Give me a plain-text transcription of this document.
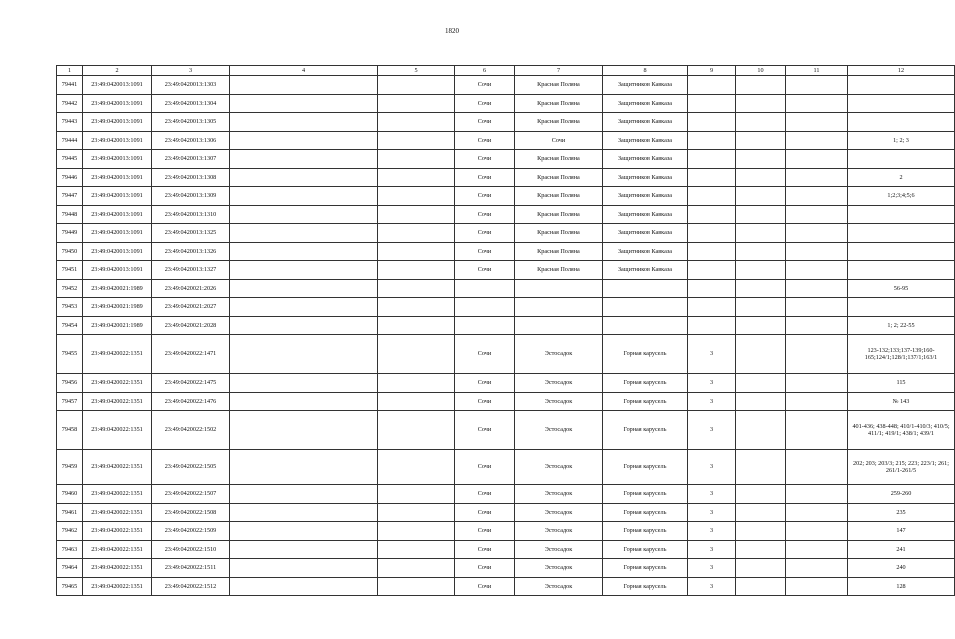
1820
1	2	3	4	5	6	7	8	9	10	11	12
79441	23:49:0420013:1091	23:49:0420013:1303			Сочи	Красная Поляна	Защитников Кавказа				
79442	23:49:0420013:1091	23:49:0420013:1304			Сочи	Красная Поляна	Защитников Кавказа				
79443	23:49:0420013:1091	23:49:0420013:1305			Сочи	Красная Поляна	Защитников Кавказа				
79444	23:49:0420013:1091	23:49:0420013:1306			Сочи	Сочи	Защитников Кавказа				1; 2; 3
79445	23:49:0420013:1091	23:49:0420013:1307			Сочи	Красная Поляна	Защитников Кавказа				
79446	23:49:0420013:1091	23:49:0420013:1308			Сочи	Красная Поляна	Защитников Кавказа				2
79447	23:49:0420013:1091	23:49:0420013:1309			Сочи	Красная Поляна	Защитников Кавказа				1;2;3;4;5;6
79448	23:49:0420013:1091	23:49:0420013:1310			Сочи	Красная Поляна	Защитников Кавказа				
79449	23:49:0420013:1091	23:49:0420013:1325			Сочи	Красная Поляна	Защитников Кавказа				
79450	23:49:0420013:1091	23:49:0420013:1326			Сочи	Красная Поляна	Защитников Кавказа				
79451	23:49:0420013:1091	23:49:0420013:1327			Сочи	Красная Поляна	Защитников Кавказа				
79452	23:49:0420021:1989	23:49:0420021:2026									56-95
79453	23:49:0420021:1989	23:49:0420021:2027									
79454	23:49:0420021:1989	23:49:0420021:2028									1; 2; 22-55
79455	23:49:0420022:1351	23:49:0420022:1471			Сочи	Эстосадок	Горная карусель	3			123-132;133;137-139;160-165;124/1;128/1;137/1;163/1
79456	23:49:0420022:1351	23:49:0420022:1475			Сочи	Эстосадок	Горная карусель	3			115
79457	23:49:0420022:1351	23:49:0420022:1476			Сочи	Эстосадок	Горная карусель	3			№ 143
79458	23:49:0420022:1351	23:49:0420022:1502			Сочи	Эстосадок	Горная карусель	3			401-436; 438-448; 410/1-410/3; 410/5; 411/1; 419/1; 438/1; 439/1
79459	23:49:0420022:1351	23:49:0420022:1505			Сочи	Эстосадок	Горная карусель	3			202; 203; 203/3; 215; 223; 223/1; 261; 261/1-261/5
79460	23:49:0420022:1351	23:49:0420022:1507			Сочи	Эстосадок	Горная карусель	3			259-260
79461	23:49:0420022:1351	23:49:0420022:1508			Сочи	Эстосадок	Горная карусель	3			235
79462	23:49:0420022:1351	23:49:0420022:1509			Сочи	Эстосадок	Горная карусель	3			147
79463	23:49:0420022:1351	23:49:0420022:1510			Сочи	Эстосадок	Горная карусель	3			241
79464	23:49:0420022:1351	23:49:0420022:1511			Сочи	Эстосадок	Горная карусель	3			240
79465	23:49:0420022:1351	23:49:0420022:1512			Сочи	Эстосадок	Горная карусель	3			128
